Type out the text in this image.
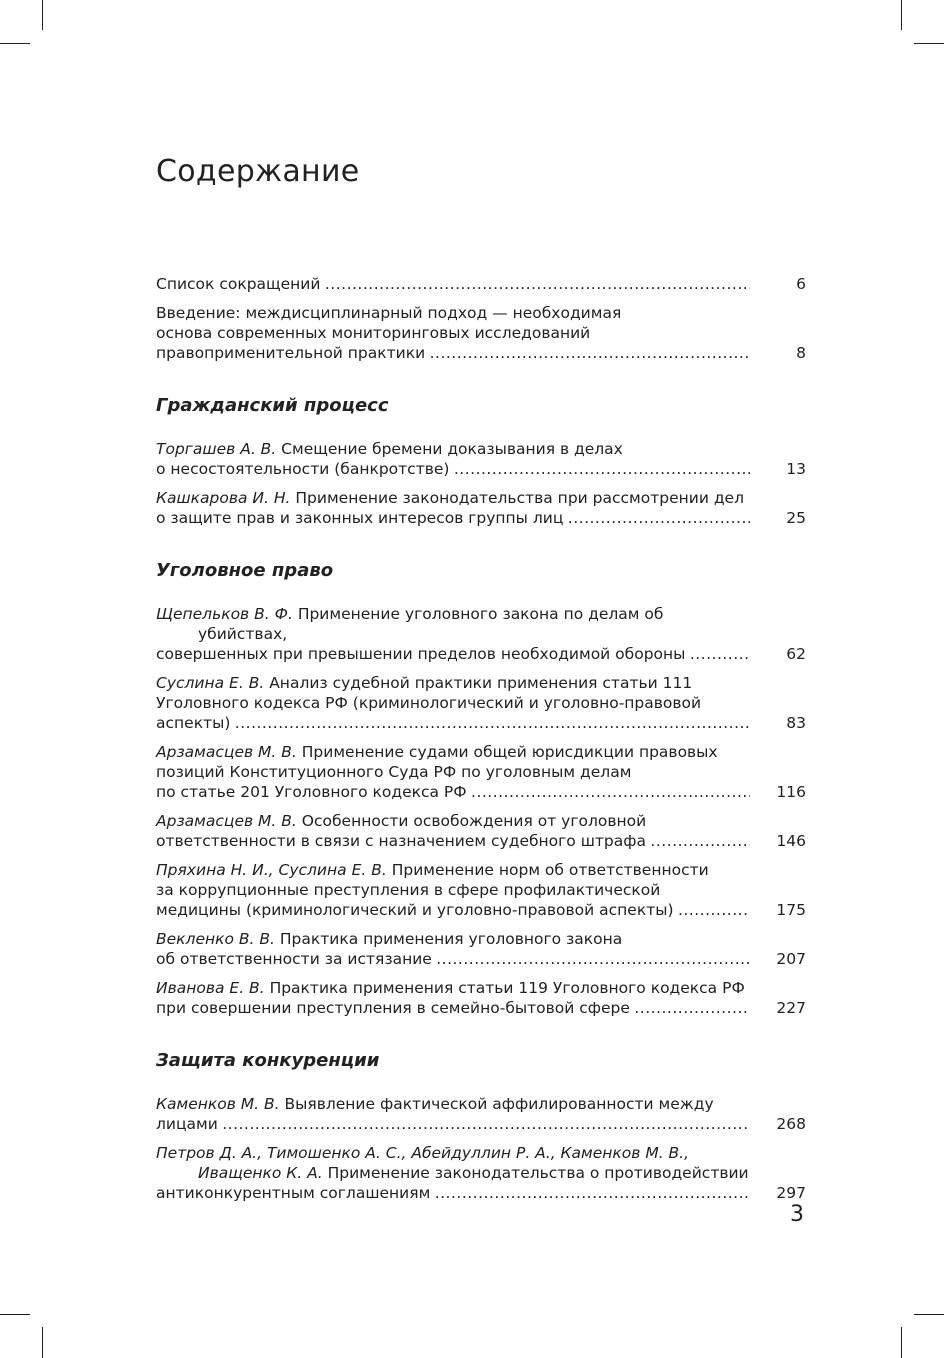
Содержание
Список сокращений .....	6
Введение: междисциплинарный подход — необходимая
основа современных мониторинговых исследований
правоприменительной практики .....	8
Гражданский процесс
Торгашев А. В. Смещение бремени доказывания в делах
о несостоятельности (банкротстве) .....	13
Кашкарова И. Н. Применение законодательства при рассмотрении дел
о защите прав и законных интересов группы лиц .....	25
Уголовное право
Щепельков В. Ф. Применение уголовного закона по делам об убийствах,
совершенных при превышении пределов необходимой обороны .....	62
Суслина Е. В. Анализ судебной практики применения статьи 111
Уголовного кодекса РФ (криминологический и уголовно-правовой
аспекты) .....	83
Арзамасцев М. В. Применение судами общей юрисдикции правовых
позиций Конституционного Суда РФ по уголовным делам
по статье 201 Уголовного кодекса РФ .....	116
Арзамасцев М. В. Особенности освобождения от уголовной
ответственности в связи с назначением судебного штрафа .....	146
Пряхина Н. И., Суслина Е. В. Применение норм об ответственности
за коррупционные преступления в сфере профилактической
медицины (криминологический и уголовно-правовой аспекты) .....	175
Векленко В. В. Практика применения уголовного закона
об ответственности за истязание .....	207
Иванова Е. В. Практика применения статьи 119 Уголовного кодекса РФ
при совершении преступления в семейно-бытовой сфере .....	227
Защита конкуренции
Каменков М. В. Выявление фактической аффилированности между
лицами .....	268
Петров Д. А., Тимошенко А. С., Абейдуллин Р. А., Каменков М. В., Иващенко К. А. Применение законодательства о противодействии
антиконкурентным соглашениям .....	297
3
